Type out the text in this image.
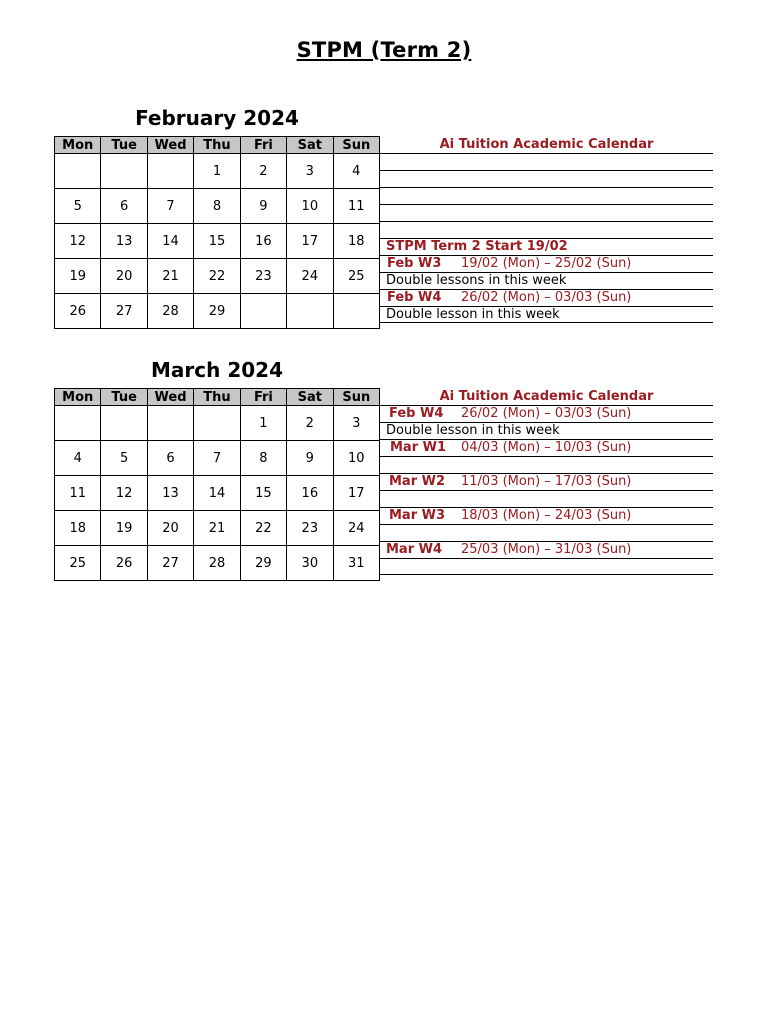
STPM (Term 2)
February 2024
Mon	Tue	Wed	Thu	Fri	Sat	Sun
			1	2	3	4
5	6	7	8	9	10	11
12	13	14	15	16	17	18
19	20	21	22	23	24	25
26	27	28	29			
Ai Tuition Academic Calendar
STPM Term 2 Start 19/02
Feb W3 19/02 (Mon) – 25/02 (Sun)
Double lessons in this week
Feb W4 26/02 (Mon) – 03/03 (Sun)
Double lesson in this week
March 2024
Mon	Tue	Wed	Thu	Fri	Sat	Sun
				1	2	3
4	5	6	7	8	9	10
11	12	13	14	15	16	17
18	19	20	21	22	23	24
25	26	27	28	29	30	31
Ai Tuition Academic Calendar
Feb W4 26/02 (Mon) – 03/03 (Sun)
Double lesson in this week
Mar W1 04/03 (Mon) – 10/03 (Sun)
Mar W2 11/03 (Mon) – 17/03 (Sun)
Mar W3 18/03 (Mon) – 24/03 (Sun)
Mar W4 25/03 (Mon) – 31/03 (Sun)
